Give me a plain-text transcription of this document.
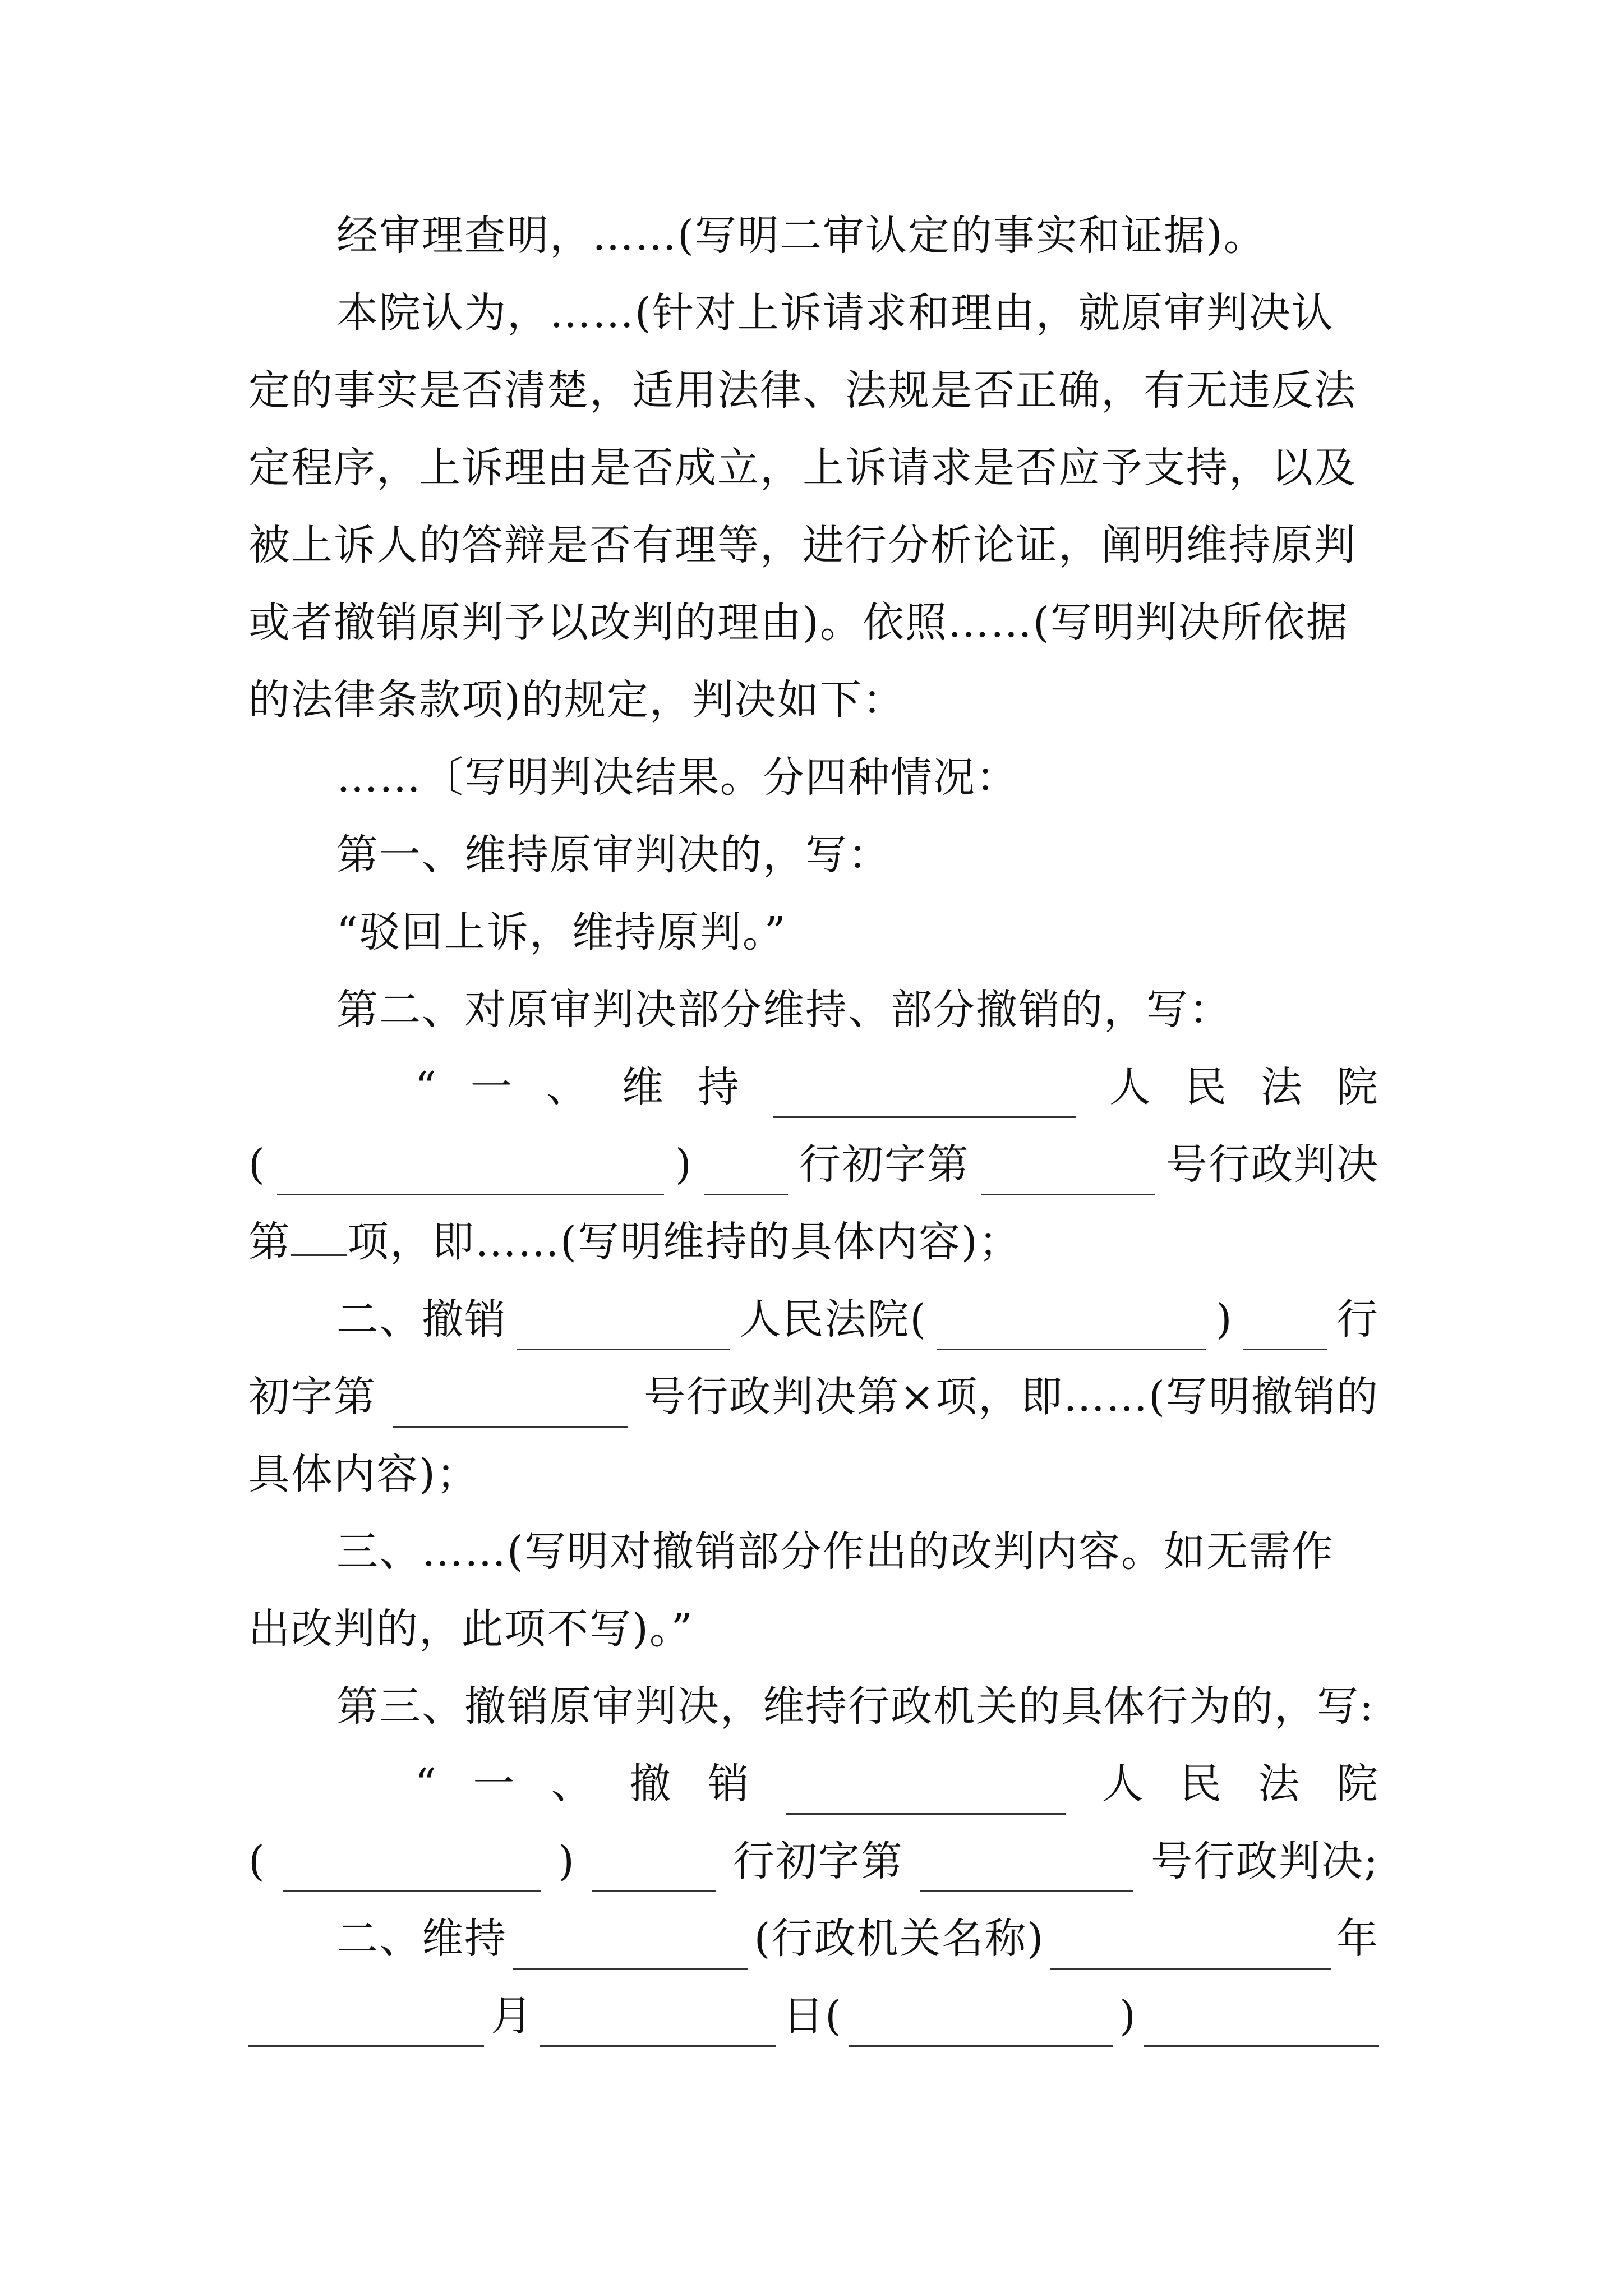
经审理查明，……(写明二审认定的事实和证据)。
本院认为，……(针对上诉请求和理由，就原审判决认
定的事实是否清楚，适用法律、法规是否正确，有无违反法
定程序，上诉理由是否成立，上诉请求是否应予支持，以及
被上诉人的答辩是否有理等，进行分析论证，阐明维持原判
或者撤销原判予以改判的理由)。依照……(写明判决所依据
的法律条款项)的规定，判决如下：
……〔写明判决结果。分四种情况：
第一、维持原审判决的，写：
“驳回上诉，维持原判。”
第二、对原审判决部分维持、部分撤销的，写：
“ 一 、 维 持	人 民 法 院
(	)	行初字第	号行政判决
第 项，即……(写明维持的具体内容)；
二、撤销	人民法院(	) 行
初字第	号行政判决第×项，即……(写明撤销的
具体内容)；
三、……(写明对撤销部分作出的改判内容。如无需作
出改判的，此项不写)。”
第三、撤销原审判决，维持行政机关的具体行为的，写:
“ 一 、 撤 销	人 民 法 院
(	)	行初字第	号行政判决;
二、维持	(行政机关名称)	年
月	日(	)
